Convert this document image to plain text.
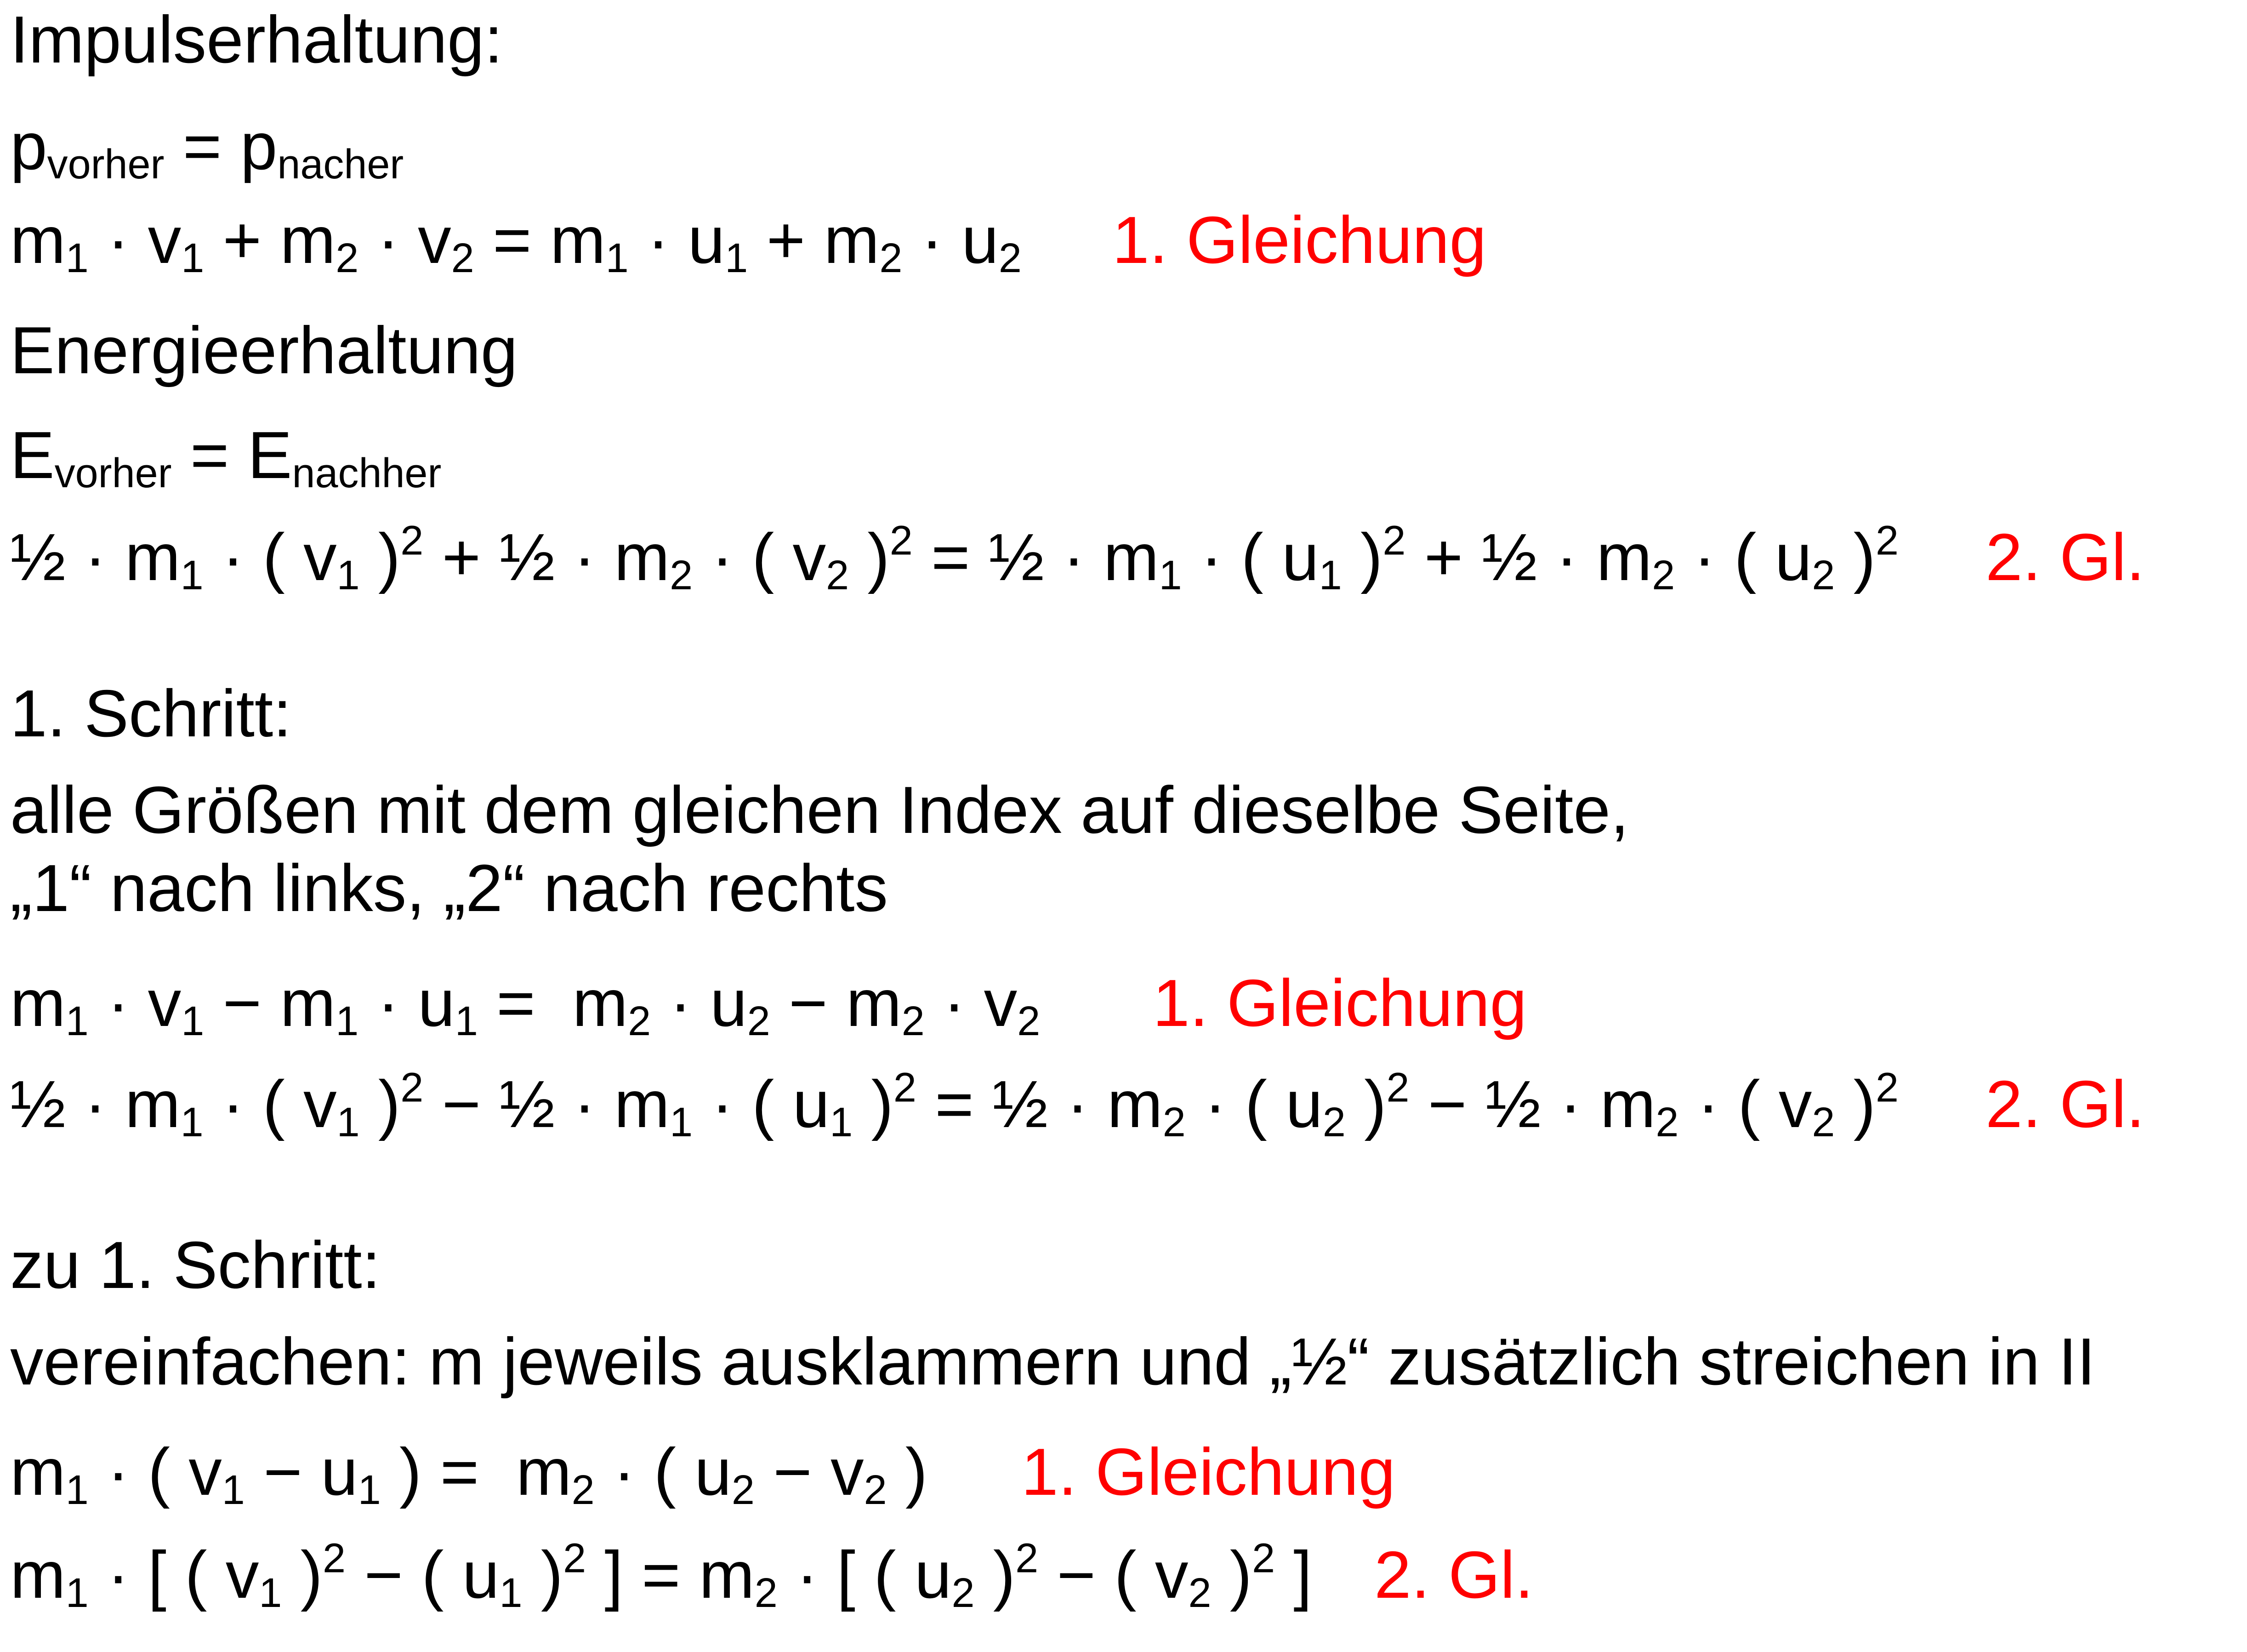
Impulserhaltung:
$p_{vorher} = p_{nacher}$
$m_1 \cdot v_1 + m_2 \cdot v_2 = m_1 \cdot u_1 + m_2 \cdot u_2$ 1. Gleichung
Energieerhaltung
$E_{vorher} = E_{nachher}$
½ · $m_1$ · ( $v_1$ )$^2$ + ½ · $m_2$ · ( $v_2$ )$^2$ = ½ · $m_1$ · ( $u_1$ )$^2$ + ½ · $m_2$ · ( $u_2$ )$^2$ 2. Gl.
1. Schritt:
alle Größen mit dem gleichen Index auf dieselbe Seite,
„1“ nach links, „2“ nach rechts
$m_1 \cdot v_1 - m_1 \cdot u_1 = m_2 \cdot u_2 - m_2 \cdot v_2$ 1. Gleichung
½ · $m_1$ · ( $v_1$ )$^2$ − ½ · $m_1$ · ( $u_1$ )$^2$ = ½ · $m_2$ · ( $u_2$ )$^2$ − ½ · $m_2$ · ( $v_2$ )$^2$ 2. Gl.
zu 1. Schritt:
vereinfachen: m jeweils ausklammern und „½“ zusätzlich streichen in II
$m_1$ · ( $v_1 - u_1$ ) = $m_2$ · ( $u_2 - v_2$ ) 1. Gleichung
$m_1$ · [ ( $v_1$ )$^2$ − ( $u_1$ )$^2$ ] = $m_2$ · [ ( $u_2$ )$^2$ − ( $v_2$ )$^2$ ] 2. Gl.
